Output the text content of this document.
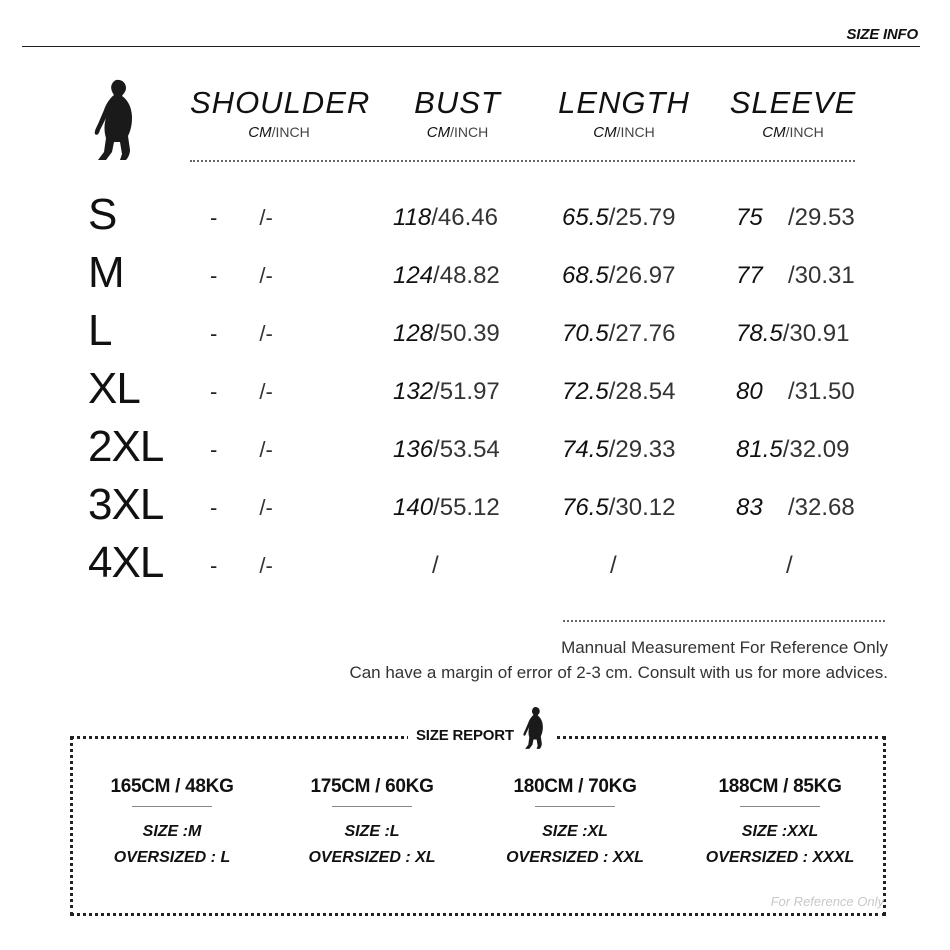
SIZE INFO
SHOULDER
CM/INCH
BUST
CM/INCH
LENGTH
CM/INCH
SLEEVE
CM/INCH
S	- /-	118/46.46	65.5/25.79	75 /29.53
M	- /-	124/48.82	68.5/26.97	77 /30.31
L	- /-	128/50.39	70.5/27.76	78.5/30.91
XL	- /-	132/51.97	72.5/28.54	80 /31.50
2XL - /-	136/53.54	74.5/29.33	81.5/32.09
3XL - /-	140/55.12	76.5/30.12	83 /32.68
4XL - /-	/	/	/
Mannual Measurement For Reference Only
Can have a margin of error of 2-3 cm. Consult with us for more advices.
SIZE REPORT
165CM / 48KG
SIZE :M
OVERSIZED : L
175CM / 60KG
SIZE :L
OVERSIZED : XL
180CM / 70KG
SIZE :XL
OVERSIZED : XXL
188CM / 85KG
SIZE :XXL
OVERSIZED : XXXL
For Reference Only
